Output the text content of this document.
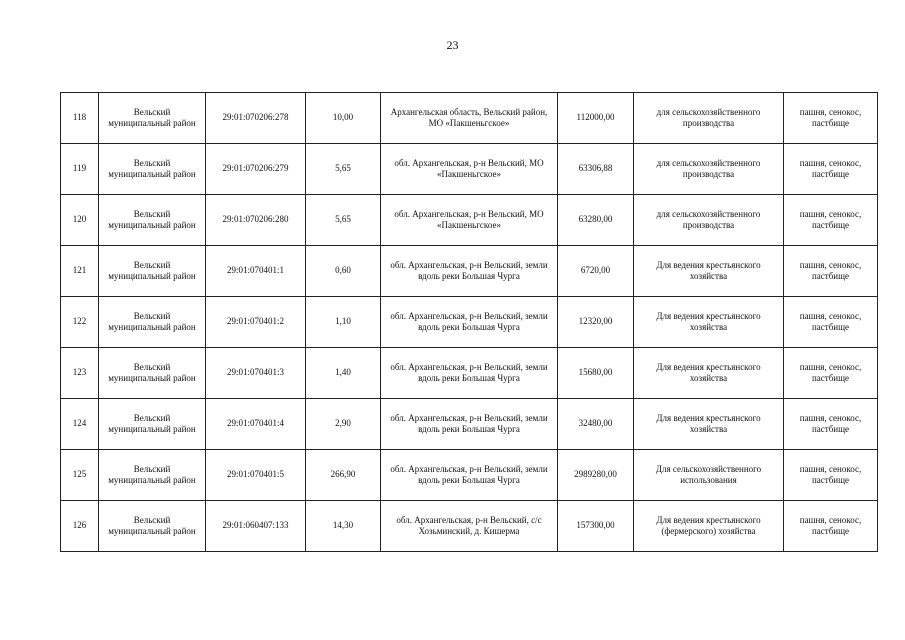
23
118	Вельский муниципальный район	29:01:070206:278	10,00	Архангельская область, Вельский район, МО «Пакшеньгское»	112000,00	для сельскохозяйственного производства	пашня, сенокос, пастбище
119	Вельский муниципальный район	29:01:070206:279	5,65	обл. Архангельская, р-н Вельский, МО «Пакшеньгское»	63306,88	для сельскохозяйственного производства	пашня, сенокос, пастбище
120	Вельский муниципальный район	29:01:070206:280	5,65	обл. Архангельская, р-н Вельский, МО «Пакшеньгское»	63280,00	для сельскохозяйственного производства	пашня, сенокос, пастбище
121	Вельский муниципальный район	29:01:070401:1	0,60	обл. Архангельская, р-н Вельский, земли вдоль реки Большая Чурга	6720,00	Для ведения крестьянского хозяйства	пашня, сенокос, пастбище
122	Вельский муниципальный район	29:01:070401:2	1,10	обл. Архангельская, р-н Вельский, земли вдоль реки Большая Чурга	12320,00	Для ведения крестьянского хозяйства	пашня, сенокос, пастбище
123	Вельский муниципальный район	29:01:070401:3	1,40	обл. Архангельская, р-н Вельский, земли вдоль реки Большая Чурга	15680,00	Для ведения крестьянского хозяйства	пашня, сенокос, пастбище
124	Вельский муниципальный район	29:01:070401:4	2,90	обл. Архангельская, р-н Вельский, земли вдоль реки Большая Чурга	32480,00	Для ведения крестьянского хозяйства	пашня, сенокос, пастбище
125	Вельский муниципальный район	29:01:070401:5	266,90	обл. Архангельская, р-н Вельский, земли вдоль реки Большая Чурга	2989280,00	Для сельскохозяйственного использования	пашня, сенокос, пастбище
126	Вельский муниципальный район	29:01:060407:133	14,30	обл. Архангельская, р-н Вельский, с/с Хозьминский, д. Кишерма	157300,00	Для ведения крестьянского (фермерского) хозяйства	пашня, сенокос, пастбище
